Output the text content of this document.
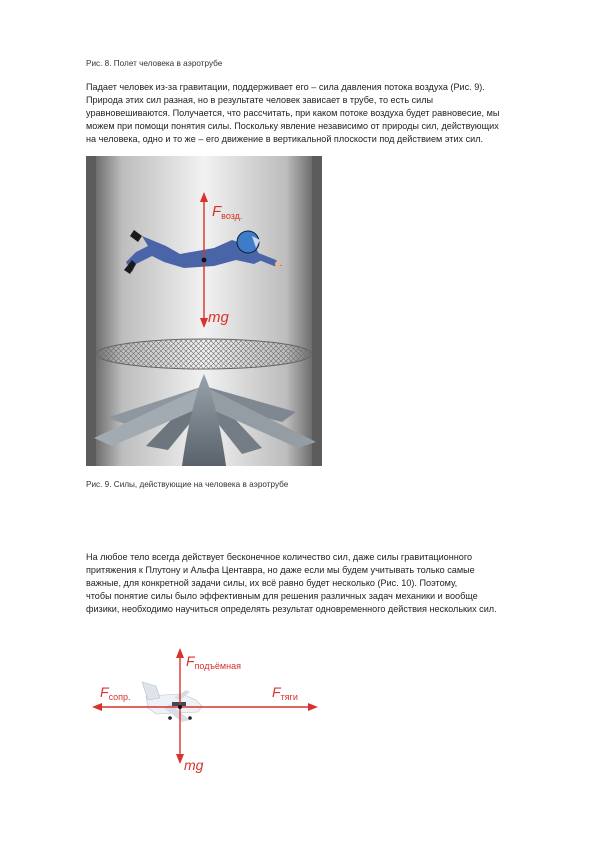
Рис. 8. Полет человека в аэротрубе
Падает человек из-за гравитации, поддерживает его – сила давления потока воздуха (Рис. 9).
Природа этих сил разная, но в результате человек зависает в трубе, то есть силы
уравновешиваются. Получается, что рассчитать, при каком потоке воздуха будет равновесие, мы
можем при помощи понятия силы. Поскольку явление независимо от природы сил, действующих
на человека, одно и то же – его движение в вертикальной плоскости под действием этих сил.
$F_{возд.}$
mg
Рис. 9. Силы, действующие на человека в аэротрубе
На любое тело всегда действует бесконечное количество сил, даже силы гравитационного
притяжения к Плутону и Альфа Центавра, но даже если мы будем учитывать только самые
важные, для конкретной задачи силы, их всё равно будет несколько (Рис. 10). Поэтому,
чтобы понятие силы было эффективным для решения различных задач механики и вообще
физики, необходимо научиться определять результат одновременного действия нескольких сил.
$F_{подъёмная}$
$F_{сопр.}$	$F_{тяги}$
mg
